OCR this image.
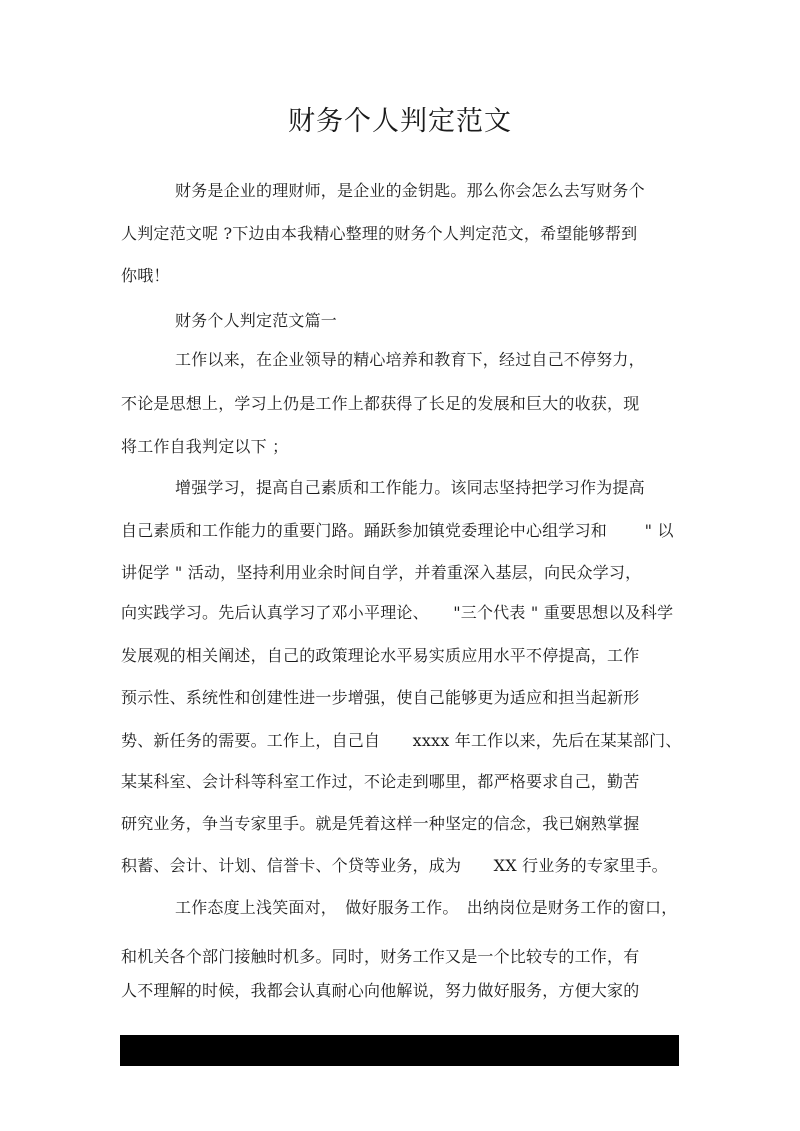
财务个人判定范文
财务是企业的理财师，是企业的金钥匙。那么你会怎么去写财务个
人判定范文呢 ?下边由本我精心整理的财务个人判定范文，希望能够帮到
你哦！
财务个人判定范文篇一
工作以来，在企业领导的精心培养和教育下，经过自己不停努力，
不论是思想上，学习上仍是工作上都获得了长足的发展和巨大的收获，现
将工作自我判定以下 ；
增强学习，提高自己素质和工作能力。该同志坚持把学习作为提高
自己素质和工作能力的重要门路。踊跃参加镇党委理论中心组学习和　　 " 以
讲促学 " 活动，坚持利用业余时间自学，并着重深入基层，向民众学习，
向实践学习。先后认真学习了邓小平理论、　　"三个代表 " 重要思想以及科学
发展观的相关阐述，自己的政策理论水平易实质应用水平不停提高，工作
预示性、系统性和创建性进一步增强，使自己能够更为适应和担当起新形
势、新任务的需要。工作上，自己自　　xxxx 年工作以来，先后在某某部门、
某某科室、会计科等科室工作过，不论走到哪里，都严格要求自己，勤苦
研究业务，争当专家里手。就是凭着这样一种坚定的信念，我已娴熟掌握
积蓄、会计、计划、信誉卡、个贷等业务，成为　　XX 行业务的专家里手。
工作态度上浅笑面对，　做好服务工作。　出纳岗位是财务工作的窗口，
和机关各个部门接触时机多。同时，财务工作又是一个比较专的工作，有
人不理解的时候，我都会认真耐心向他解说，努力做好服务，方便大家的
